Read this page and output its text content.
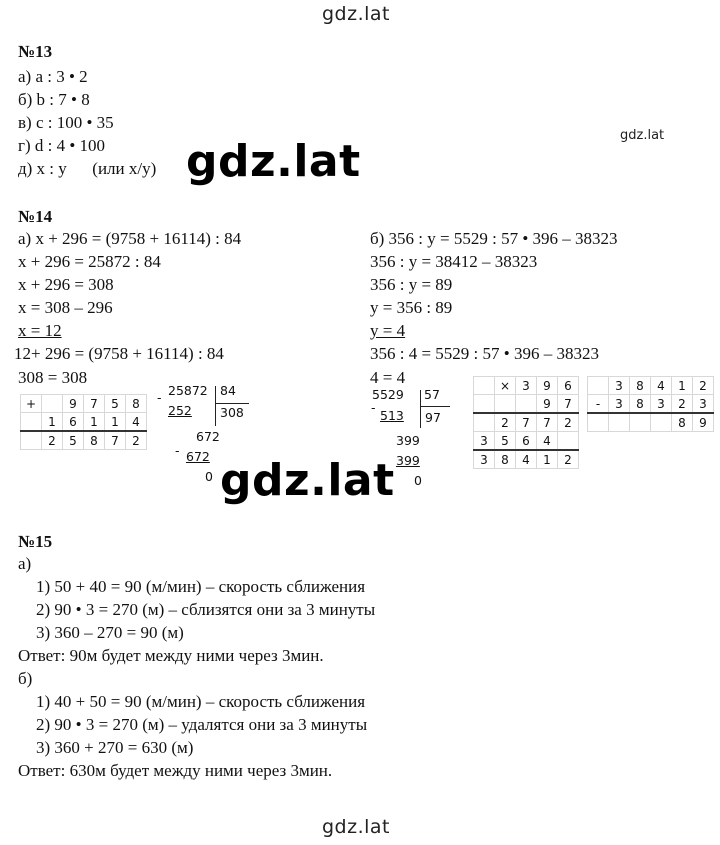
gdz.lat
gdz.lat
gdz.lat
gdz.lat
gdz.lat
№13
а) a : 3 • 2
б) b : 7 • 8
в) c : 100 • 35
г) d : 4 • 100
д) x : y      (или x/y)
№14
а) x + 296 = (9758 + 16114) : 84
x + 296 = 25872 : 84
x + 296 = 308
x = 308 – 296
x = 12
12+ 296 = (9758 + 16114) : 84
308 = 308
б) 356 : y = 5529 : 57 • 396 – 38323
356 : y = 38412 – 38323
356 : y = 89
y = 356 : 89
y = 4
356 : 4 = 5529 : 57 • 396 – 38323
4 = 4
+		9	7	5	8
	1	6	1	1	4
	2	5	8	7	2
- 25872 84
252 308
672
- 672
0
5529 57
-
513 97
399
399
0
	×	3	9	6
			9	7
	2	7	7	2
3	5	6	4	
3	8	4	1	2
	3	8	4	1	2
-	3	8	3	2	3
				8	9
№15
а)
1) 50 + 40 = 90 (м/мин) – скорость сближения
2) 90 • 3 = 270 (м) – сблизятся они за 3 минуты
3) 360 – 270 = 90 (м)
Ответ: 90м будет между ними через 3мин.
б)
1) 40 + 50 = 90 (м/мин) – скорость сближения
2) 90 • 3 = 270 (м) – удалятся они за 3 минуты
3) 360 + 270 = 630 (м)
Ответ: 630м будет между ними через 3мин.
